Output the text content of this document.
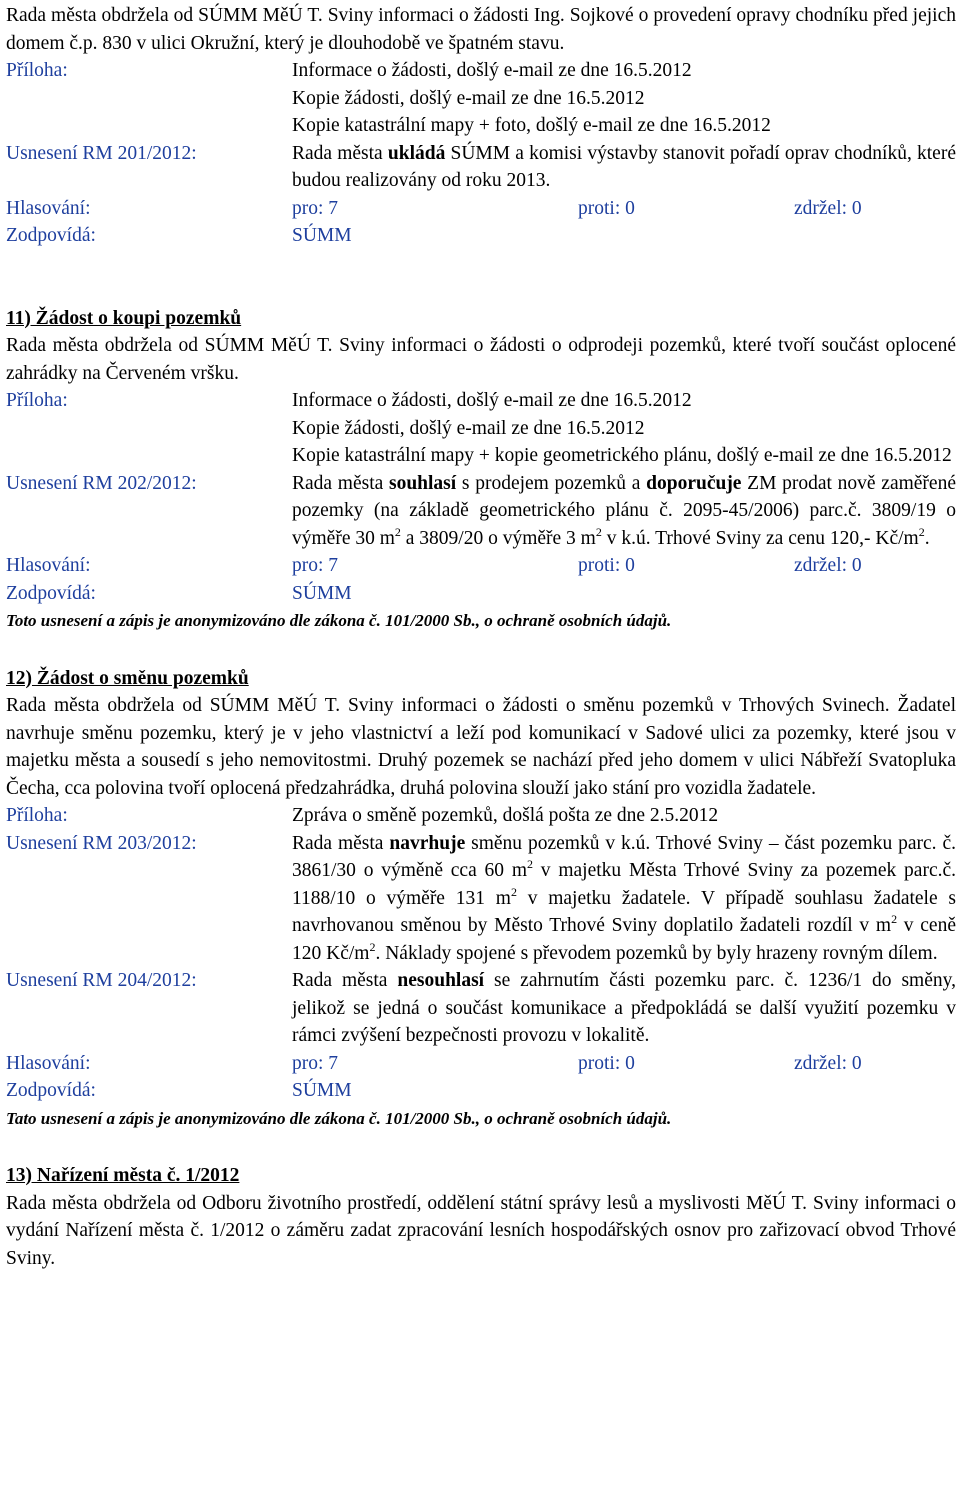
Rada města obdržela od SÚMM MěÚ T. Sviny informaci o žádosti Ing. Sojkové o provedení opravy chodníku před jejich domem č.p. 830 v ulici Okružní, který je dlouhodobě ve špatném stavu.

Příloha:	Informace o žádosti, došlý e-mail ze dne 16.5.2012
Kopie žádosti, došlý e-mail ze dne 16.5.2012
Kopie katastrální mapy + foto, došlý e-mail ze dne 16.5.2012
Usnesení RM 201/2012:	Rada města ukládá SÚMM a komisi výstavby stanovit pořadí oprav chodníků, které budou realizovány od roku 2013.
Hlasování:	pro: 7	proti: 0	zdržel: 0
Zodpovídá:	SÚMM
11) Žádost o koupi pozemků

Rada města obdržela od SÚMM MěÚ T. Sviny informaci o žádosti o odprodeji pozemků, které tvoří součást oplocené zahrádky na Červeném vršku.

Příloha:	Informace o žádosti, došlý e-mail ze dne 16.5.2012
Kopie žádosti, došlý e-mail ze dne 16.5.2012
Kopie katastrální mapy + kopie geometrického plánu, došlý e-mail ze dne 16.5.2012
Usnesení RM 202/2012:	Rada města souhlasí s prodejem pozemků a doporučuje ZM prodat nově zaměřené pozemky (na základě geometrického plánu č. 2095-45/2006) parc.č. 3809/19 o výměře 30 $m^2$ a 3809/20 o výměře 3 $m^2$ v k.ú. Trhové Sviny za cenu 120,- $Kč/m^2$.
Hlasování:	pro: 7	proti: 0	zdržel: 0
Zodpovídá:	SÚMM
Toto usnesení a zápis je anonymizováno dle zákona č. 101/2000 Sb., o ochraně osobních údajů.
12) Žádost o směnu pozemků

Rada města obdržela od SÚMM MěÚ T. Sviny informaci o žádosti o směnu pozemků v Trhových Svinech. Žadatel navrhuje směnu pozemku, který je v jeho vlastnictví a leží pod komunikací v Sadové ulici za pozemky, které jsou v majetku města a sousedí s jeho nemovitostmi. Druhý pozemek se nachází před jeho domem v ulici Nábřeží Svatopluka Čecha, cca polovina tvoří oplocená předzahrádka, druhá polovina slouží jako stání pro vozidla žadatele.

Příloha:	Zpráva o směně pozemků, došlá pošta ze dne 2.5.2012
Usnesení RM 203/2012:	Rada města navrhuje směnu pozemků v k.ú. Trhové Sviny – část pozemku parc. č. 3861/30 o výměně cca 60 $m^2$ v majetku Města Trhové Sviny za pozemek parc.č. 1188/10 o výměře 131 $m^2$ v majetku žadatele. V případě souhlasu žadatele s navrhovanou směnou by Město Trhové Sviny doplatilo žadateli rozdíl v $m^2$ v ceně 120 $Kč/m^2$. Náklady spojené s převodem pozemků by byly hrazeny rovným dílem.
Usnesení RM 204/2012:	Rada města nesouhlasí se zahrnutím části pozemku parc. č. 1236/1 do směny, jelikož se jedná o součást komunikace a předpokládá se další využití pozemku v rámci zvýšení bezpečnosti provozu v lokalitě.
Hlasování:	pro: 7	proti: 0	zdržel: 0
Zodpovídá:	SÚMM
Tato usnesení a zápis je anonymizováno dle zákona č. 101/2000 Sb., o ochraně osobních údajů.
13) Nařízení města č. 1/2012

Rada města obdržela od Odboru životního prostředí, oddělení státní správy lesů a myslivosti MěÚ T. Sviny informaci o vydání Nařízení města č. 1/2012 o záměru zadat zpracování lesních hospodářských osnov pro zařizovací obvod Trhové Sviny.
